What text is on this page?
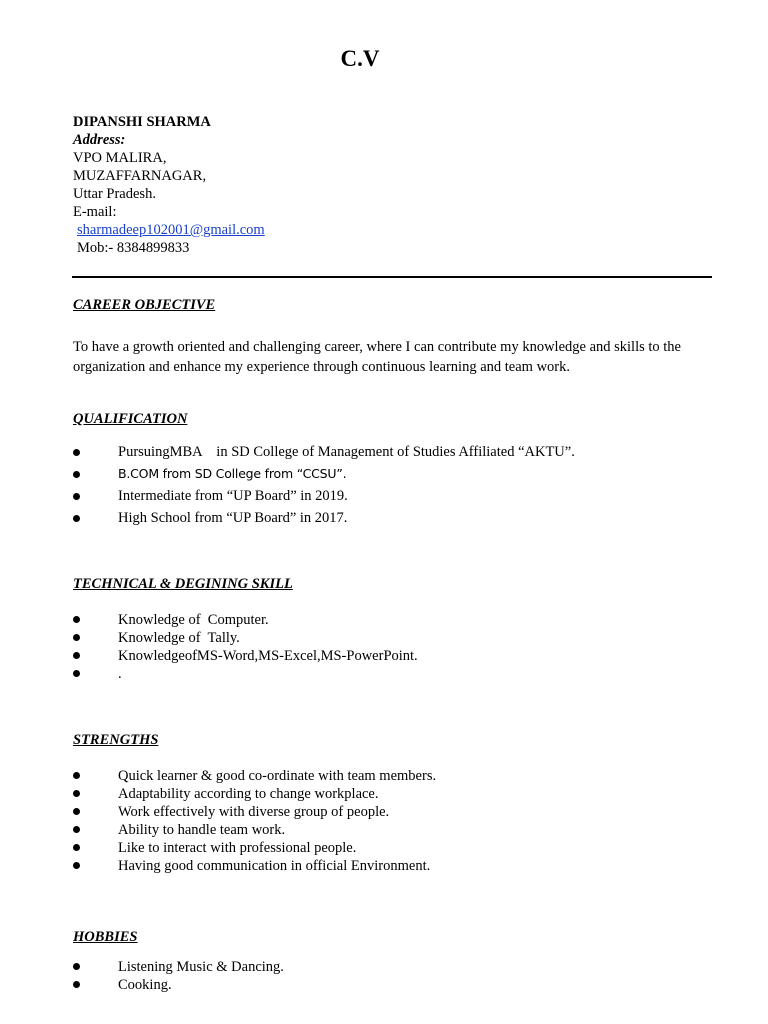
C.V
DIPANSHI SHARMA
Address:
VPO MALIRA,
MUZAFFARNAGAR,
Uttar Pradesh.
E-mail:
sharmadeep102001@gmail.com
Mob:- 8384899833
CAREER OBJECTIVE
To have a growth oriented and challenging career, where I can contribute my knowledge and skills to the organization and enhance my experience through continuous learning and team work.
QUALIFICATION
PursuingMBA    in SD College of Management of Studies Affiliated “AKTU”.
B.COM from SD College from “CCSU”.
Intermediate from “UP Board” in 2019.
High School from “UP Board” in 2017.
TECHNICAL & DEGINING SKILL
Knowledge of  Computer.
Knowledge of  Tally.
KnowledgeofMS-Word,MS-Excel,MS-PowerPoint.
.
STRENGTHS
Quick learner & good co-ordinate with team members.
Adaptability according to change workplace.
Work effectively with diverse group of people.
Ability to handle team work.
Like to interact with professional people.
Having good communication in official Environment.
HOBBIES
Listening Music & Dancing.
Cooking.
